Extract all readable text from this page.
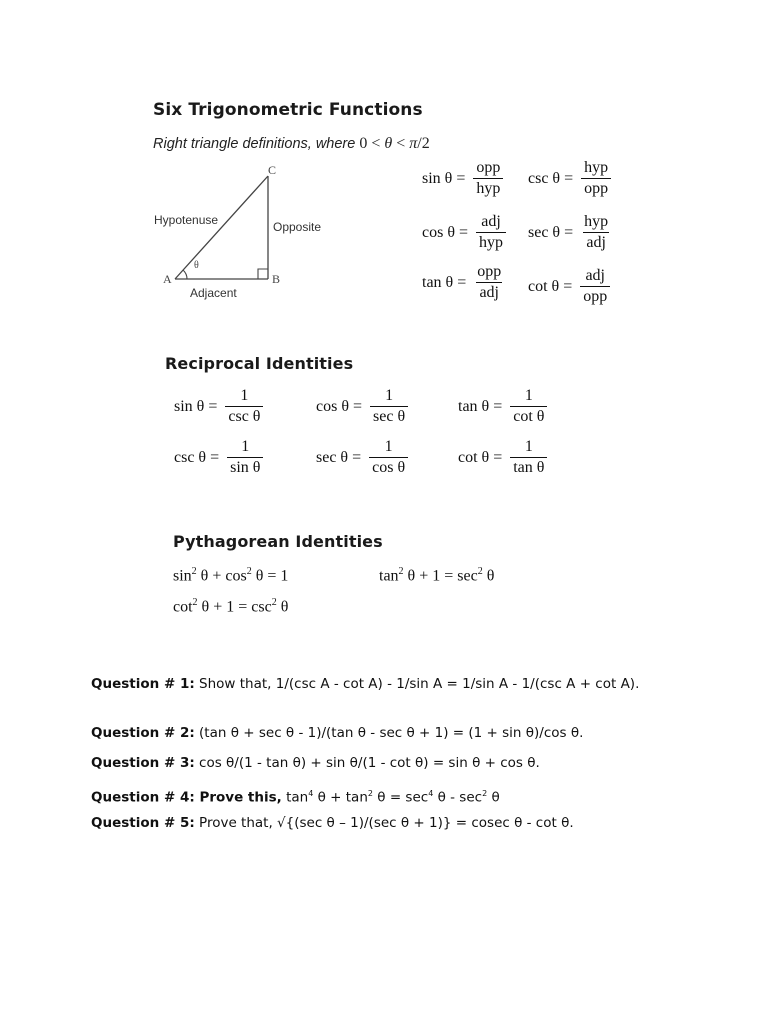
Six Trigonometric Functions
Right triangle definitions, where 0 < θ < π/2
C
A	B
θ
Hypotenuse	Opposite
Adjacent
$\sin \theta = \frac{\text{opp}}{\text{hyp}}$ $\csc \theta = \frac{\text{hyp}}{\text{opp}}$
$\cos \theta = \frac{\text{adj}}{\text{hyp}}$ $\sec \theta = \frac{\text{hyp}}{\text{adj}}$
$\tan \theta = \frac{\text{opp}}{\text{adj}}$ $\cot \theta = \frac{\text{adj}}{\text{opp}}$
Reciprocal Identities
$\sin \theta = \frac{1}{\text{csc θ}}$	$\cos \theta = \frac{1}{\text{sec θ}}$	$\tan \theta = \frac{1}{\text{cot θ}}$
$\csc \theta = \frac{1}{\text{sin θ}}$	$\sec \theta = \frac{1}{\text{cos θ}}$	$\cot \theta = \frac{1}{\text{tan θ}}$
Pythagorean Identities
$\sin^2 \theta + \cos^2 \theta = 1$	$\tan^2 \theta + 1 = \sec^2 \theta$
$\cot^2 \theta + 1 = \csc^2 \theta$
Question # 1: Show that, 1/(csc A - cot A) - 1/sin A = 1/sin A - 1/(csc A + cot A).
Question # 2: (tan θ + sec θ - 1)/(tan θ - sec θ + 1) = (1 + sin θ)/cos θ.
Question # 3: cos θ/(1 - tan θ) + sin θ/(1 - cot θ) = sin θ + cos θ.
Question # 4: Prove this, $\tan^4 \theta + \tan^2 \theta = \sec^4 \theta - \sec^2 \theta$
Question # 5: Prove that, √{(sec θ – 1)/(sec θ + 1)} = cosec θ - cot θ.
